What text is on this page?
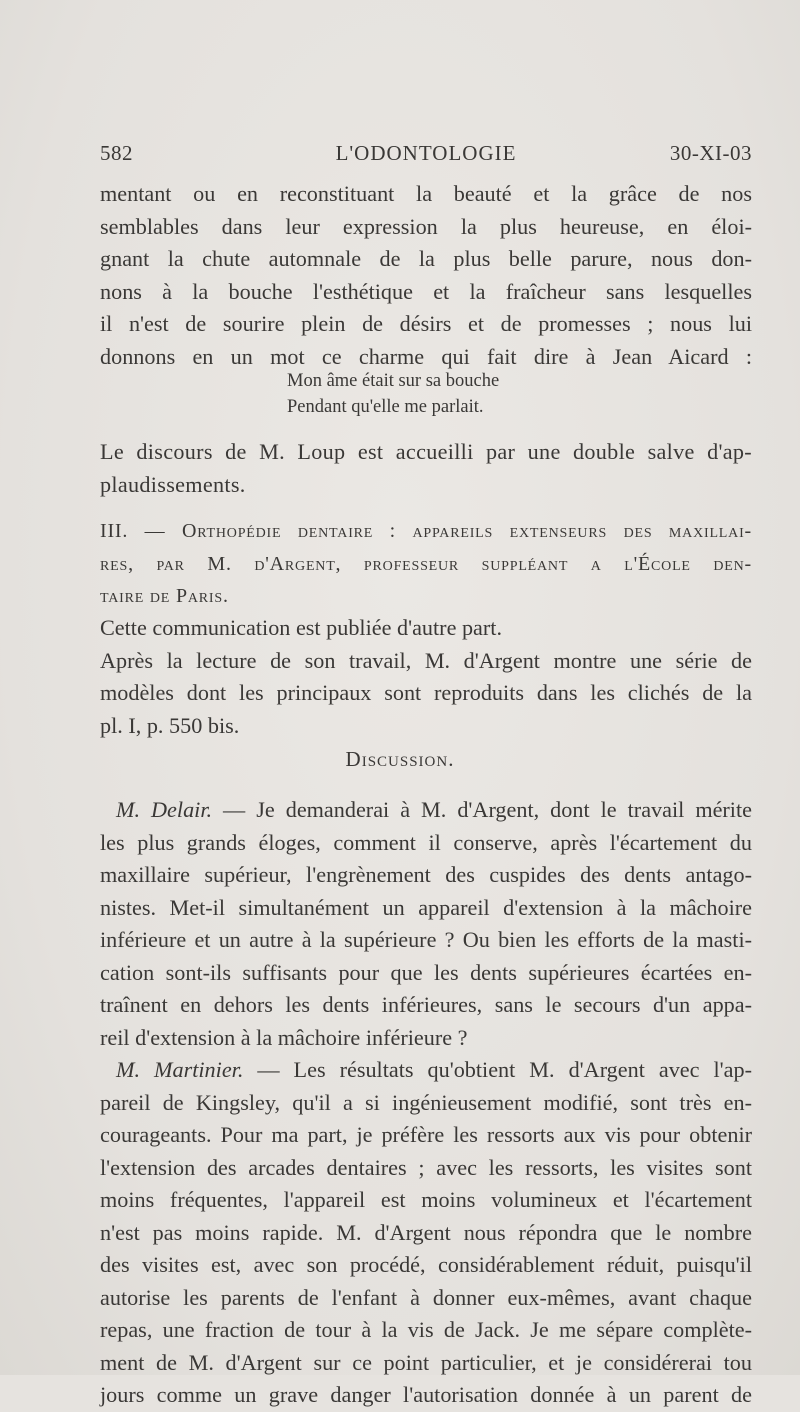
582	L'ODONTOLOGIE	30-XI-03
mentant ou en reconstituant la beauté et la grâce de nos
semblables dans leur expression la plus heureuse, en éloi-
gnant la chute automnale de la plus belle parure, nous don-
nons à la bouche l'esthétique et la fraîcheur sans lesquelles
il n'est de sourire plein de désirs et de promesses ; nous lui
donnons en un mot ce charme qui fait dire à Jean Aicard :
Mon âme était sur sa bouche
Pendant qu'elle me parlait.
Le discours de M. Loup est accueilli par une double salve d'ap-
plaudissements.
III. — Orthopédie dentaire : appareils extenseurs des maxillai-
res, par M. d'Argent, professeur suppléant a l'École den-
taire de Paris.
Cette communication est publiée d'autre part.
Après la lecture de son travail, M. d'Argent montre une série de
modèles dont les principaux sont reproduits dans les clichés de la
pl. I, p. 550 bis.
Discussion.
M. Delair. — Je demanderai à M. d'Argent, dont le travail mérite
les plus grands éloges, comment il conserve, après l'écartement du
maxillaire supérieur, l'engrènement des cuspides des dents antago-
nistes. Met-il simultanément un appareil d'extension à la mâchoire
inférieure et un autre à la supérieure ? Ou bien les efforts de la masti-
cation sont-ils suffisants pour que les dents supérieures écartées en-
traînent en dehors les dents inférieures, sans le secours d'un appa-
reil d'extension à la mâchoire inférieure ?
M. Martinier. — Les résultats qu'obtient M. d'Argent avec l'ap-
pareil de Kingsley, qu'il a si ingénieusement modifié, sont très en-
courageants. Pour ma part, je préfère les ressorts aux vis pour obtenir
l'extension des arcades dentaires ; avec les ressorts, les visites sont
moins fréquentes, l'appareil est moins volumineux et l'écartement
n'est pas moins rapide. M. d'Argent nous répondra que le nombre
des visites est, avec son procédé, considérablement réduit, puisqu'il
autorise les parents de l'enfant à donner eux-mêmes, avant chaque
repas, une fraction de tour à la vis de Jack. Je me sépare complète-
ment de M. d'Argent sur ce point particulier, et je considérerai tou
jours comme un grave danger l'autorisation donnée à un parent de
